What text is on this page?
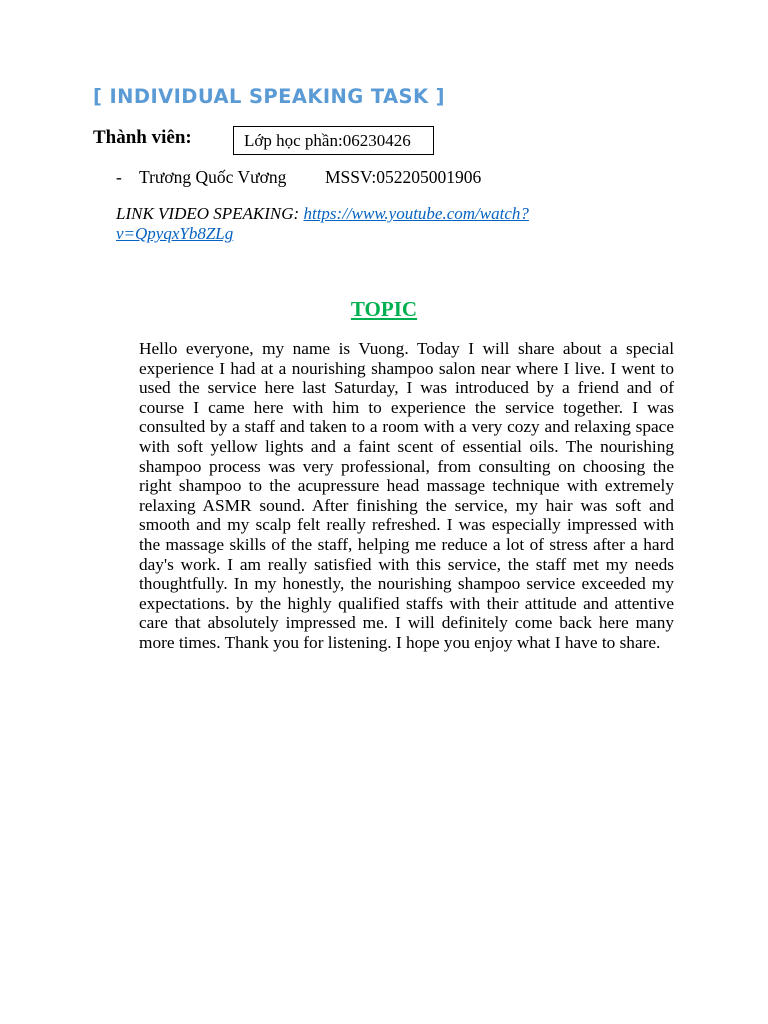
[ INDIVIDUAL SPEAKING TASK ]
Thành viên:	Lớp học phần:06230426
- Trương Quốc Vương MSSV:052205001906
LINK VIDEO SPEAKING: https://www.youtube.com/watch?
v=QpyqxYb8ZLg
TOPIC

Hello everyone, my name is Vuong. Today I will share about a special experience I had at a nourishing shampoo salon near where I live. I went to used the service here last Saturday, I was introduced by a friend and of course I came here with him to experience the service together. I was consulted by a staff and taken to a room with a very cozy and relaxing space with soft yellow lights and a faint scent of essential oils. The nourishing shampoo process was very professional, from consulting on choosing the right shampoo to the acupressure head massage technique with extremely relaxing ASMR sound. After finishing the service, my hair was soft and smooth and my scalp felt really refreshed. I was especially impressed with the massage skills of the staff, helping me reduce a lot of stress after a hard day's work. I am really satisfied with this service, the staff met my needs thoughtfully. In my honestly, the nourishing shampoo service exceeded my expectations. by the highly qualified staffs with their attitude and attentive care that absolutely impressed me. I will definitely come back here many more times. Thank you for listening. I hope you enjoy what I have to share.
